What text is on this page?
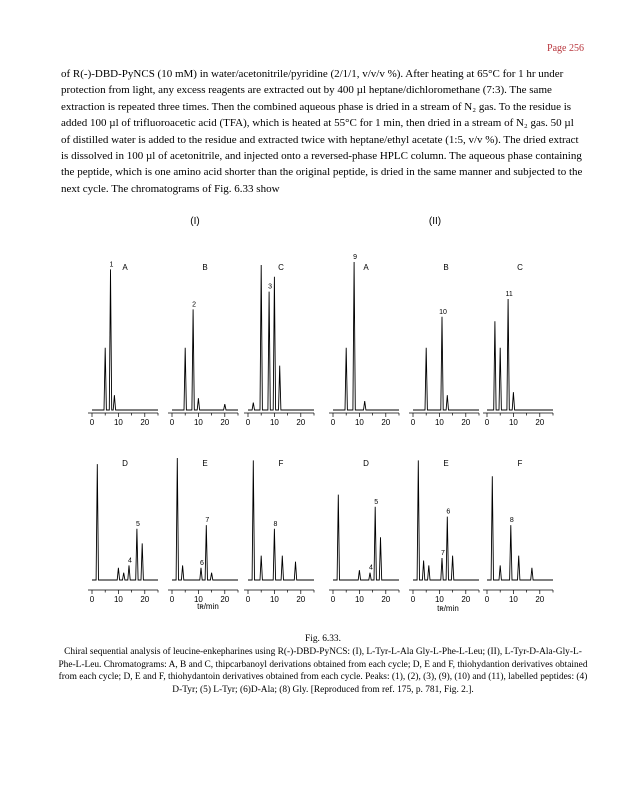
Page 256
of R(-)-DBD-PyNCS (10 mM) in water/acetonitrile/pyridine (2/1/1, v/v/v %). After heating at 65°C for 1 hr under protection from light, any excess reagents are extracted out by 400 µl heptane/dichloromethane (7:3). The same extraction is repeated three times. Then the combined aqueous phase is dried in a stream of N₂ gas. To the residue is added 100 µl of trifluoroacetic acid (TFA), which is heated at 55°C for 1 min, then dried in a stream of N₂ gas. 50 µl of distilled water is added to the residue and extracted twice with heptane/ethyl acetate (1:5, v/v %). The dried extract is dissolved in 100 µl of acetonitrile, and injected onto a reversed-phase HPLC column. The aqueous phase containing the peptide, which is one amino acid shorter than the original peptide, is dried in the same manner and subjected to the next cycle. The chromatograms of Fig. 6.33 show
(I)	(II)
tʀ/min	tʀ/min
A
1
0 10 20
B
2
0 10 20
C
3
0 10 20
A
9
0 10 20
B
10
0 10 20
C
11
0 10 20
D
4
5
0 10 20
E
6
7
0 10 20
F
8
0 10 20
D
4
5
0 10 20
E
7
6
0 10 20
F
8
0 10 20
Fig. 6.33.
Chiral sequential analysis of leucine-enkepharines using R(-)-DBD-PyNCS: (I), L-Tyr-L-Ala Gly-L-Phe-L-Leu; (II), L-Tyr-D-Ala-Gly-L-Phe-L-Leu. Chromatograms: A, B and C, thipcarbanoyl derivations obtained from each cycle; D, E and F, thiohydantion derivatives obtained from each cycle; D, E and F, thiohydantoin derivatives obtained from each cycle. Peaks: (1), (2), (3), (9), (10) and (11), labelled peptides: (4) D-Tyr; (5) L-Tyr; (6)D-Ala; (8) Gly. [Reproduced from ref. 175, p. 781, Fig. 2.].
